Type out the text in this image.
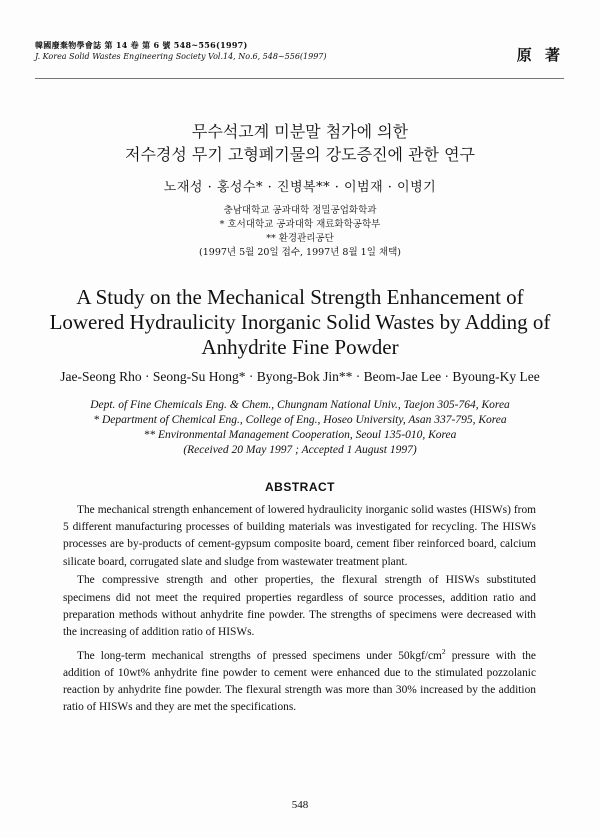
韓國廢棄物學會誌 第 14 卷 第 6 號 548~556(1997)
J. Korea Solid Wastes Engineering Society Vol.14, No.6, 548~556(1997)	原 著
무수석고계 미분말 첨가에 의한
저수경성 무기 고형폐기물의 강도증진에 관한 연구
노재성 · 홍성수* · 진병복** · 이범재 · 이병기
충남대학교 공과대학 정밀공업화학과
* 호서대학교 공과대학 재료화학공학부
** 환경관리공단
(1997년 5월 20일 접수, 1997년 8월 1일 채택)
A Study on the Mechanical Strength Enhancement of
Lowered Hydraulicity Inorganic Solid Wastes by Adding of
Anhydrite Fine Powder
Jae-Seong Rho · Seong-Su Hong* · Byong-Bok Jin** · Beom-Jae Lee · Byoung-Ky Lee
Dept. of Fine Chemicals Eng. & Chem., Chungnam National Univ., Taejon 305-764, Korea
* Department of Chemical Eng., College of Eng., Hoseo University, Asan 337-795, Korea
** Environmental Management Cooperation, Seoul 135-010, Korea
(Received 20 May 1997 ; Accepted 1 August 1997)
ABSTRACT

The mechanical strength enhancement of lowered hydraulicity inorganic solid wastes (HISWs) from 5 different manufacturing processes of building materials was investigated for recycling. The HISWs processes are by-products of cement-gypsum composite board, cement fiber reinforced board, calcium silicate board, corrugated slate and sludge from wastewater treatment plant.

The compressive strength and other properties, the flexural strength of HISWs substituted specimens did not meet the required properties regardless of source processes, addition ratio and preparation methods without anhydrite fine powder. The strengths of specimens were decreased with the increasing of addition ratio of HISWs.

The long-term mechanical strengths of pressed specimens under $50kgf/cm^2$ pressure with the addition of 10wt% anhydrite fine powder to cement were enhanced due to the stimulated pozzolanic reaction by anhydrite fine powder. The flexural strength was more than 30% increased by the addition ratio of HISWs and they are met the specifications.

548
